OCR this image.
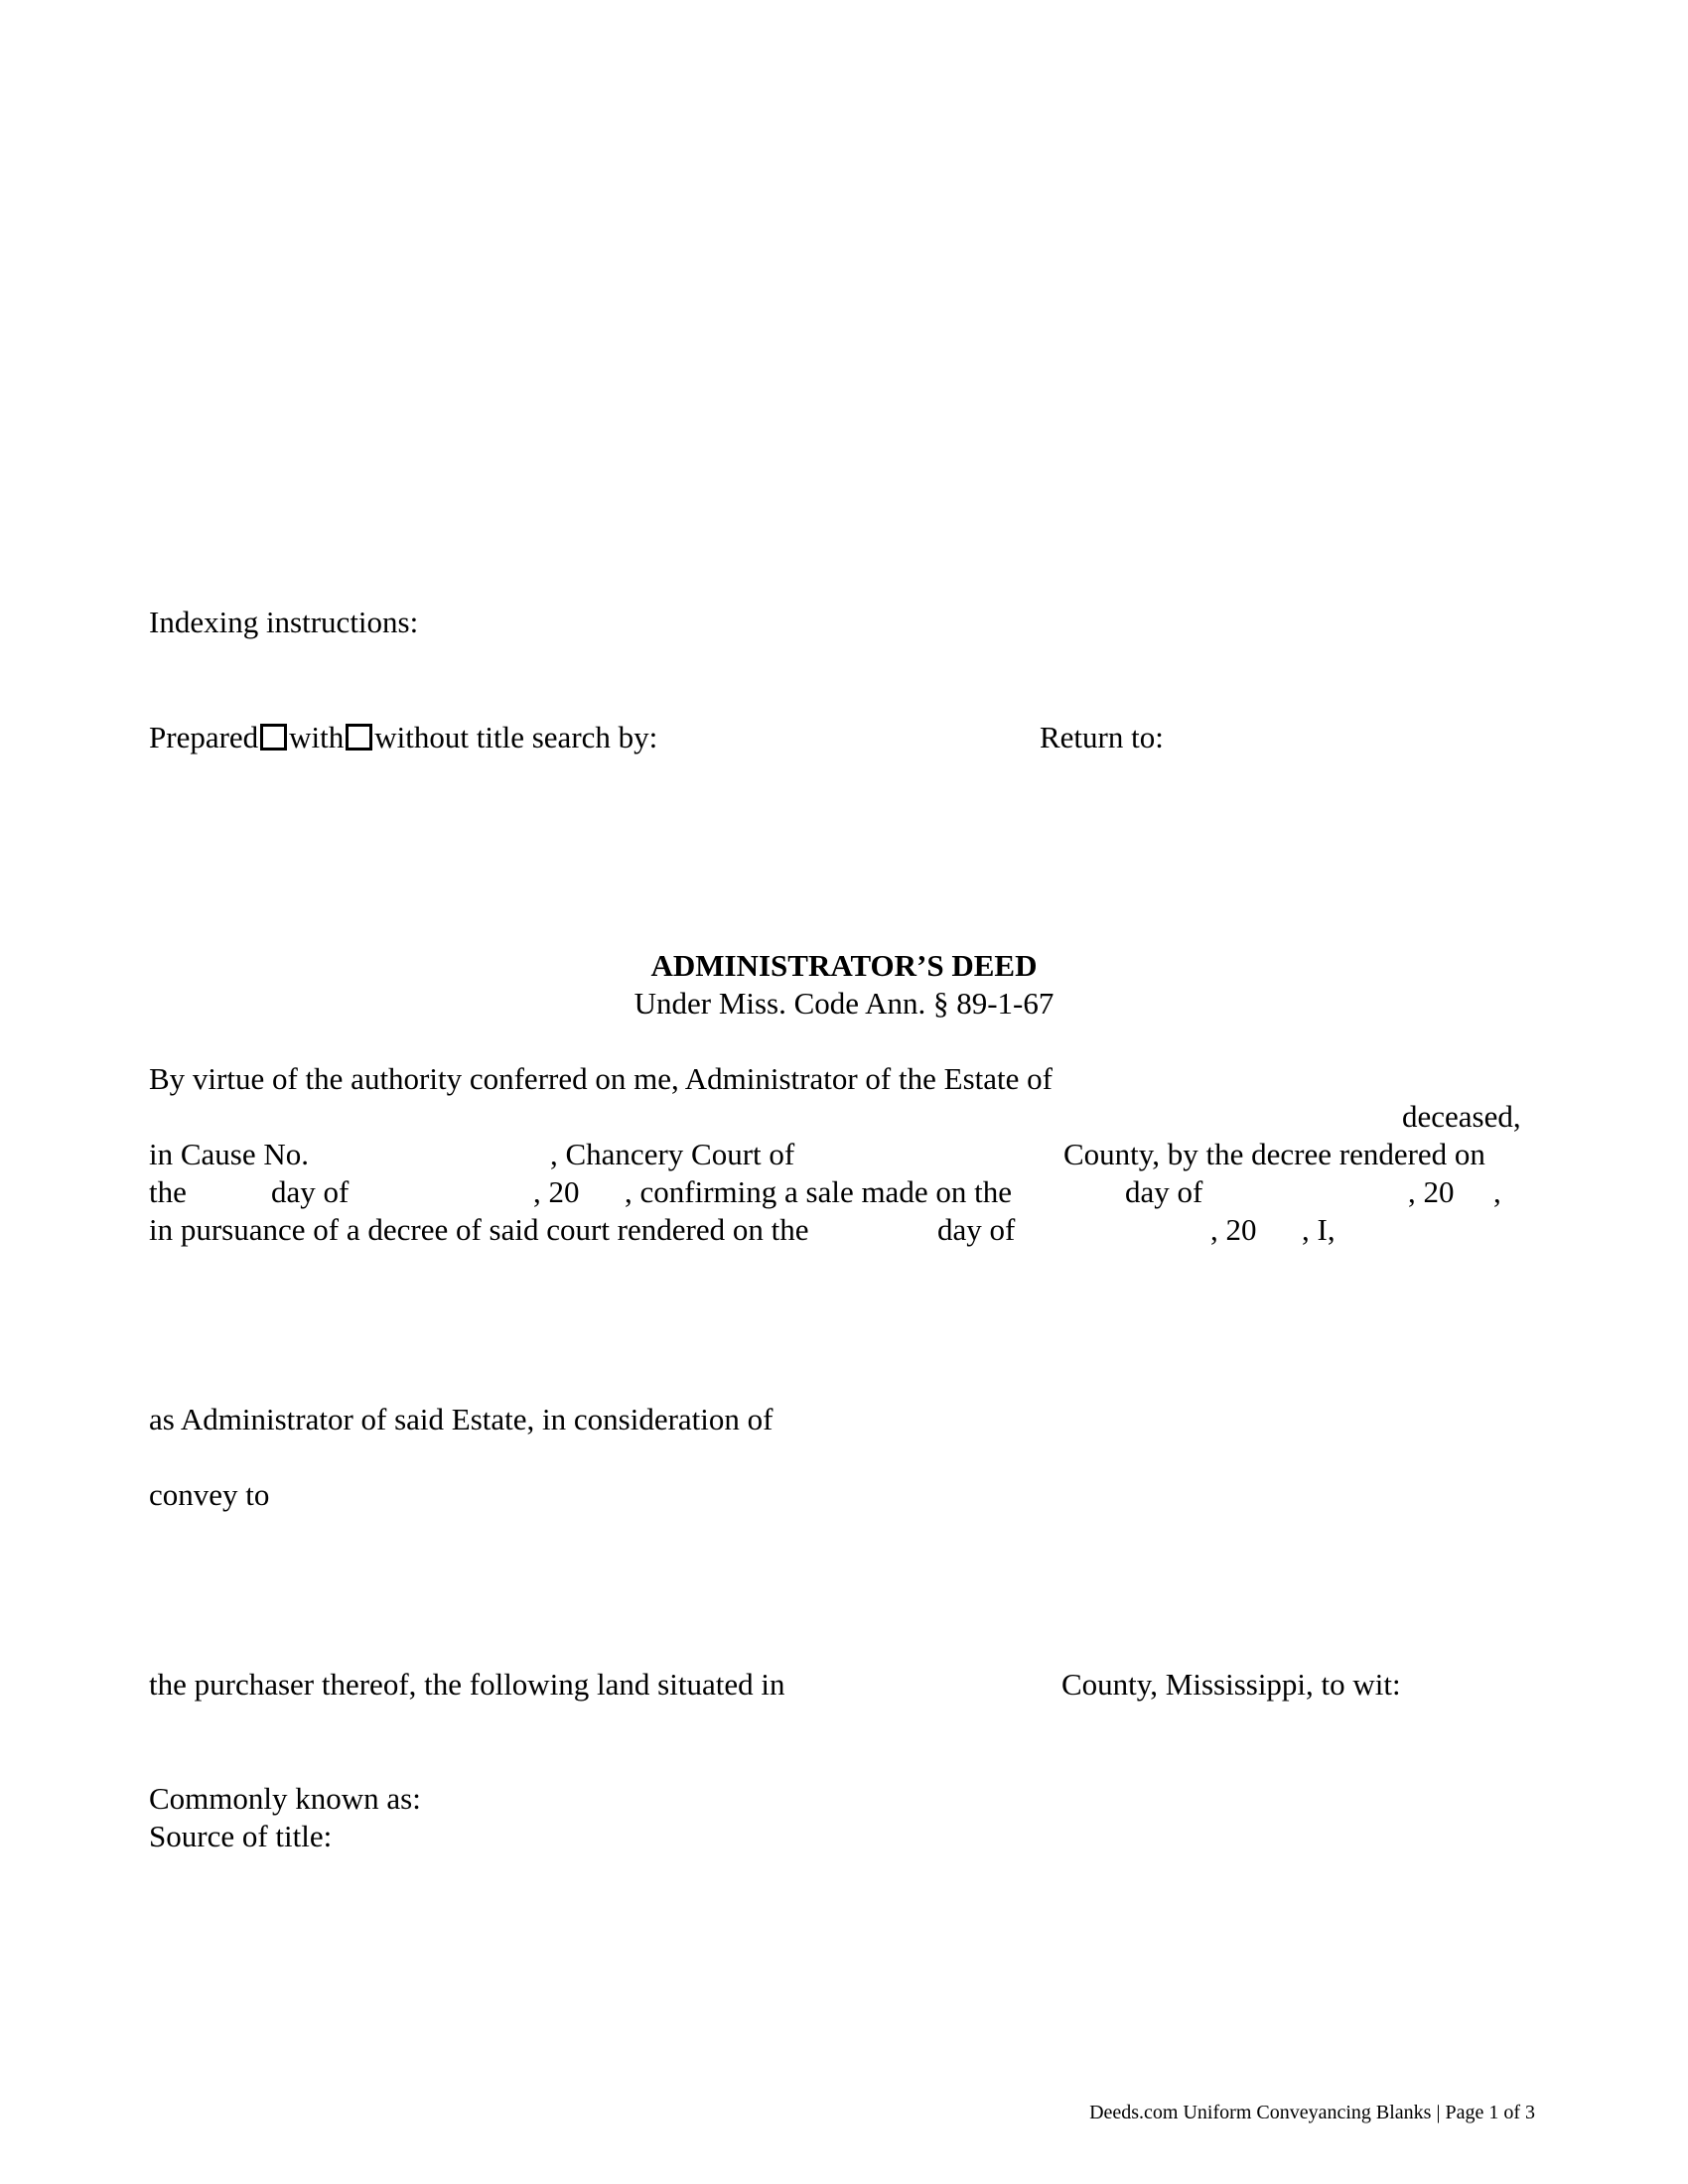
Indexing instructions:
Prepared with without title search by:	Return to:
ADMINISTRATOR’S DEED
Under Miss. Code Ann. § 89-1-67
By virtue of the authority conferred on me, Administrator of the Estate of
deceased,
in Cause No.	, Chancery Court of	County, by the decree rendered on
the	day of	, 20 , confirming a sale made on the	day of	, 20 ,
in pursuance of a decree of said court rendered on the	day of	, 20 , I,
as Administrator of said Estate, in consideration of
convey to
the purchaser thereof, the following land situated in	County, Mississippi, to wit:
Commonly known as:
Source of title:
Deeds.com Uniform Conveyancing Blanks | Page 1 of 3
